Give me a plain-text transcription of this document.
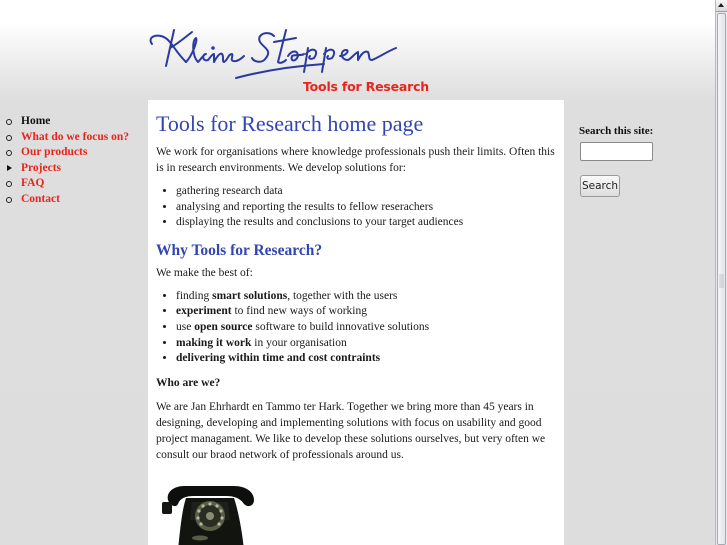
Tools for Research
Home
What do we focus on?
Our products
Projects
FAQ
Contact
Tools for Research home page

We work for organisations where knowledge professionals push their limits. Often this is in research environments. We develop solutions for:

• gathering research data
• analysing and reporting the results to fellow reserachers
• displaying the results and conclusions to your target audiences
Why Tools for Research?

We make the best of:

• finding smart solutions, together with the users
• experiment to find new ways of working
• use open source software to build innovative solutions
• making it work in your organisation
• delivering within time and cost contraints
Who are we?

We are Jan Ehrhardt en Tammo ter Hark. Together we bring more than 45 years in designing, developing and implementing solutions with focus on usability and good project managament. We like to develop these solutions ourselves, but very often we consult our braod network of professionals around us.

Search this site:
Search
